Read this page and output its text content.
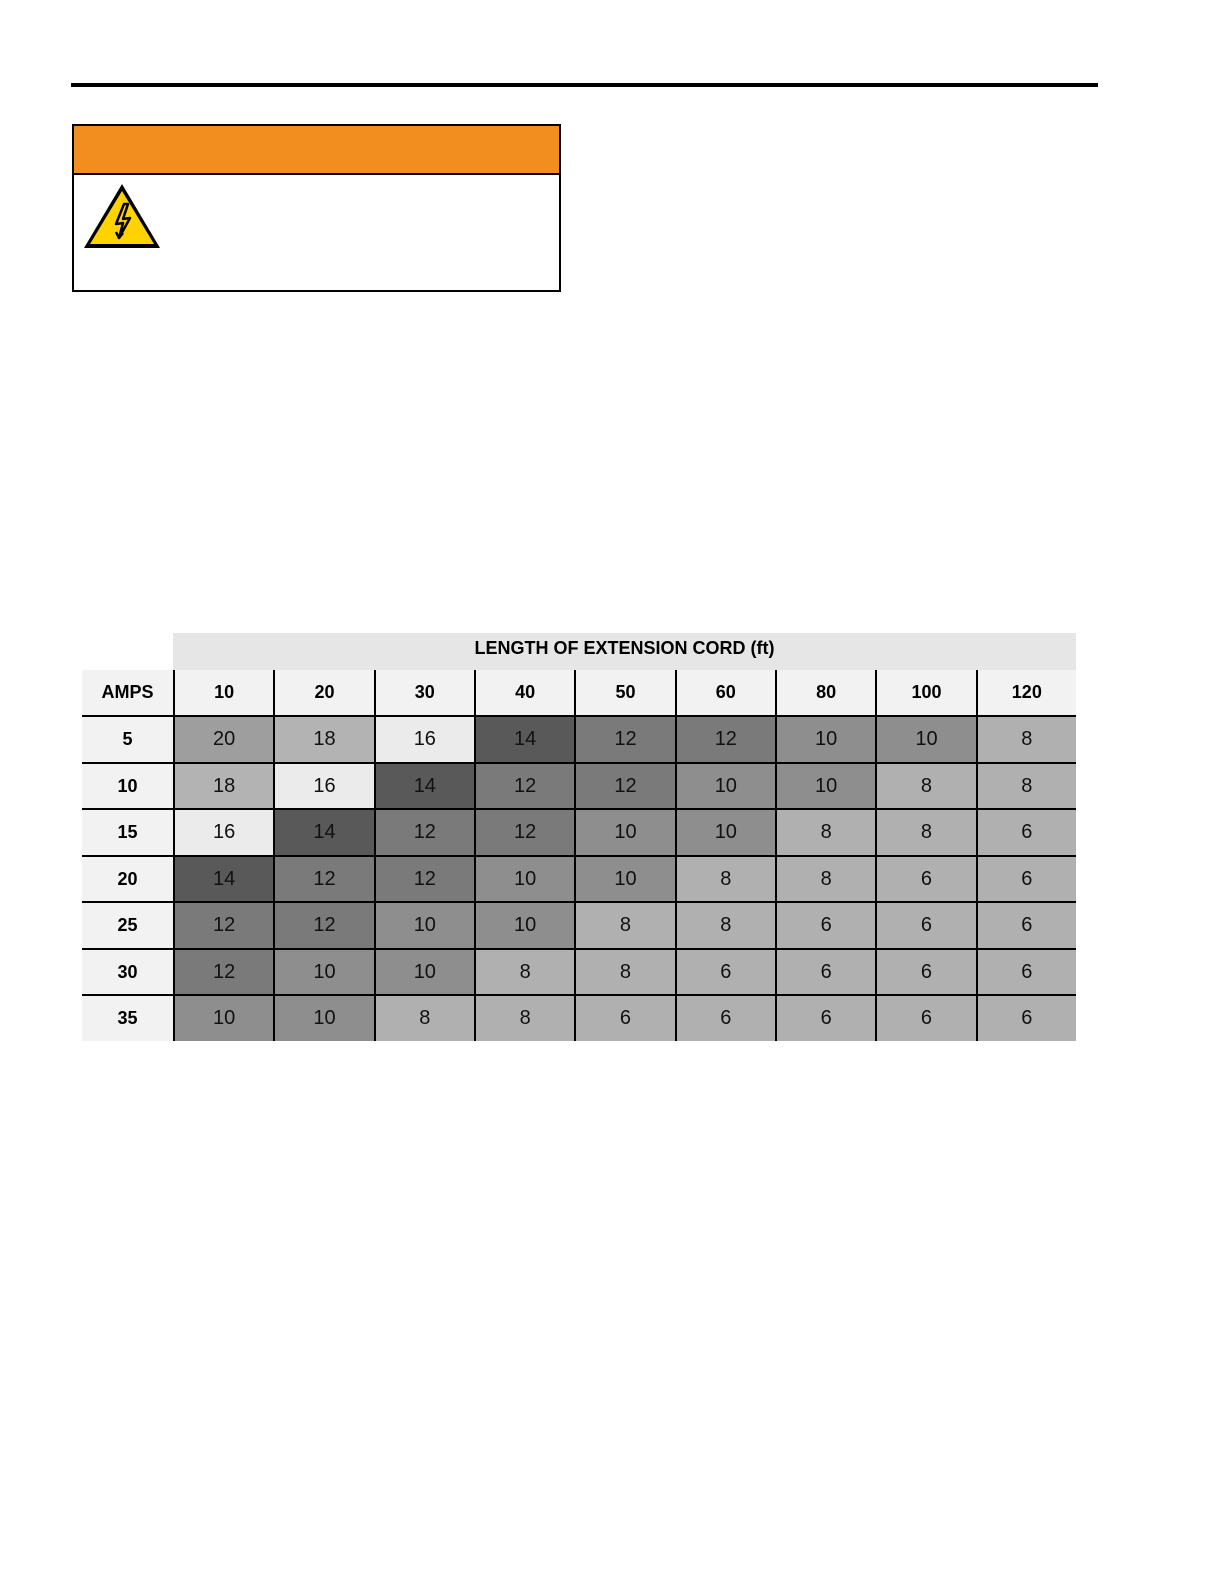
LENGTH OF EXTENSION CORD (ft)
AMPS	10	20	30	40	50	60	80	100	120
5	20	18	16	14	12	12	10	10	8
10	18	16	14	12	12	10	10	8	8
15	16	14	12	12	10	10	8	8	6
20	14	12	12	10	10	8	8	6	6
25	12	12	10	10	8	8	6	6	6
30	12	10	10	8	8	6	6	6	6
35	10	10	8	8	6	6	6	6	6
